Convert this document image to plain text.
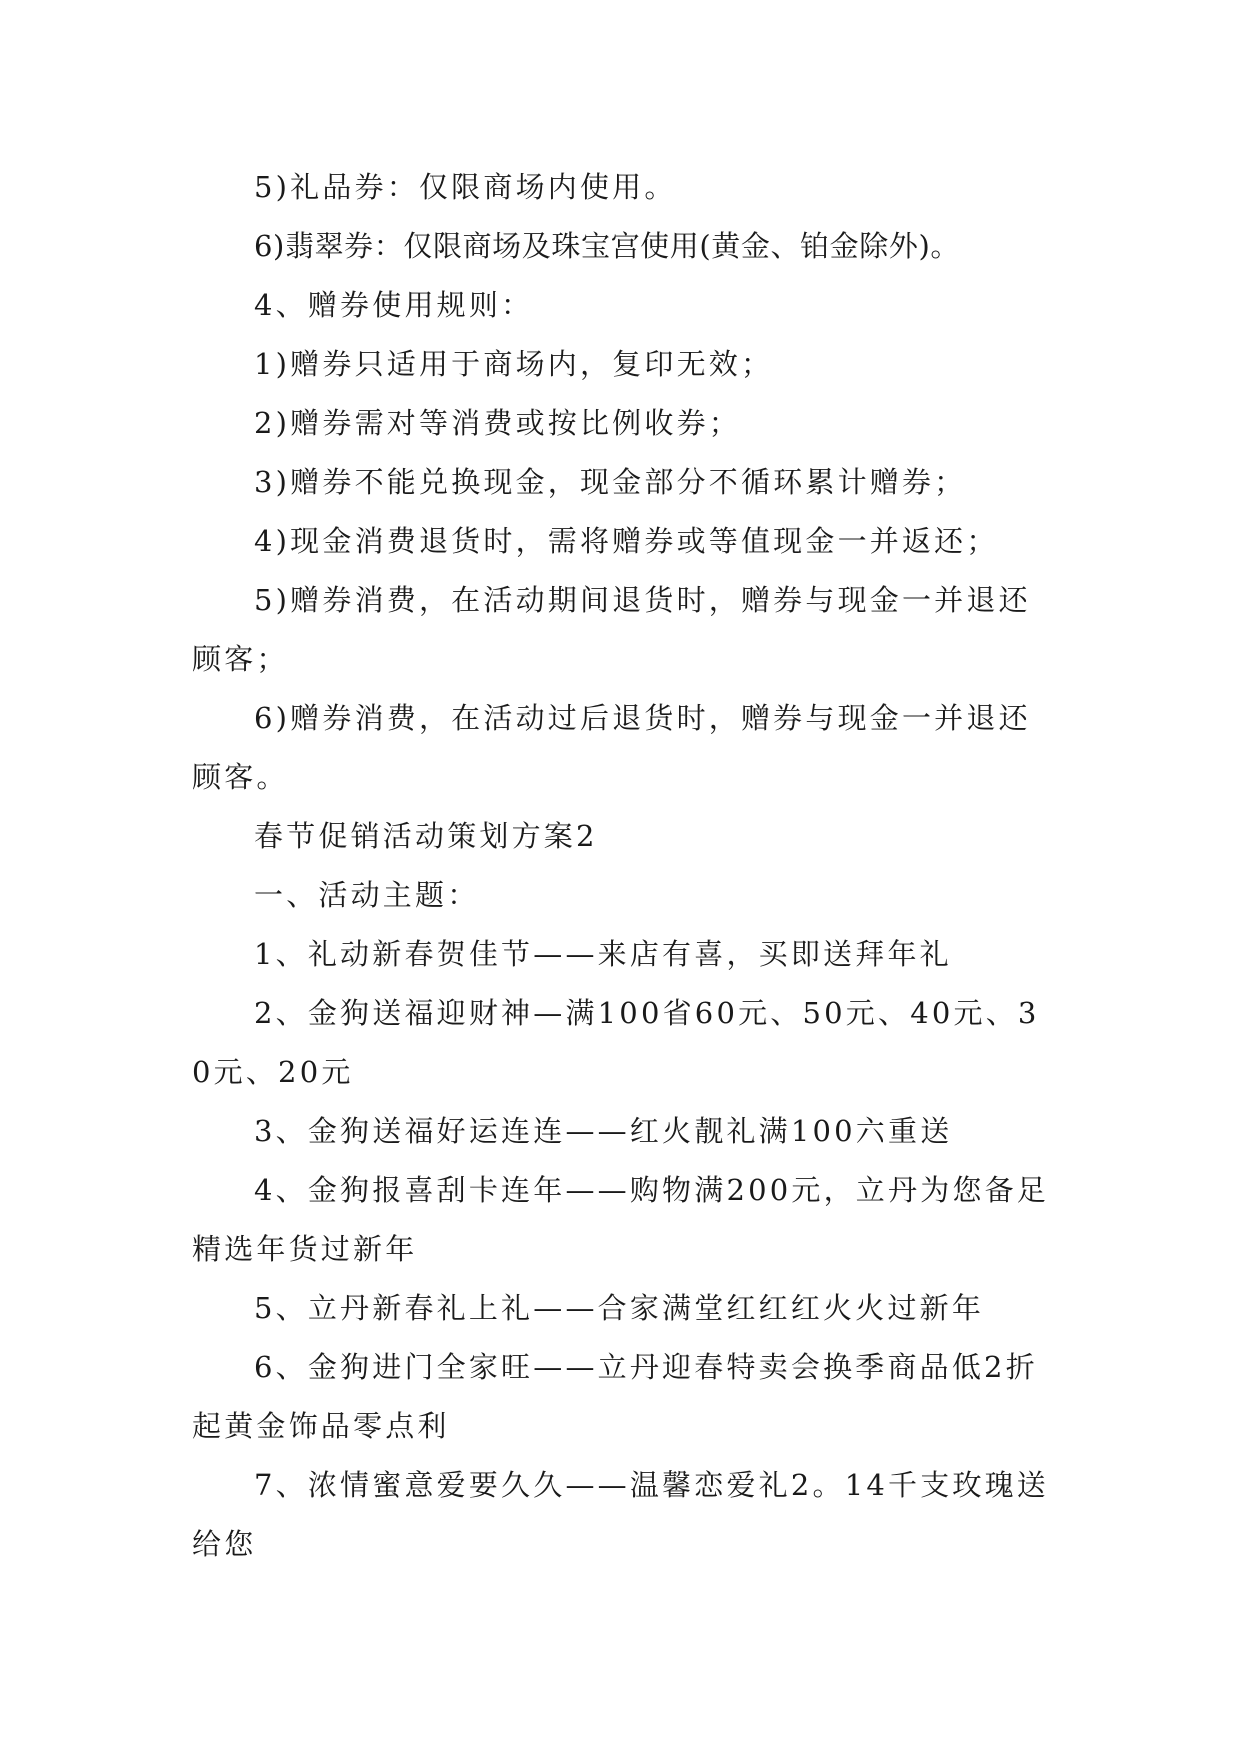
5)礼品券：仅限商场内使用。

6)翡翠券：仅限商场及珠宝宫使用(黄金、铂金除外)。

4、赠券使用规则：

1)赠券只适用于商场内，复印无效；

2)赠券需对等消费或按比例收券；

3)赠券不能兑换现金，现金部分不循环累计赠券；

4)现金消费退货时，需将赠券或等值现金一并返还；

5)赠券消费，在活动期间退货时，赠券与现金一并退还顾客；

6)赠券消费，在活动过后退货时，赠券与现金一并退还顾客。

春节促销活动策划方案2

一、活动主题：

1、礼动新春贺佳节——来店有喜，买即送拜年礼

2、金狗送福迎财神—满100省60元、50元、40元、30元、20元

3、金狗送福好运连连——红火靓礼满100六重送

4、金狗报喜刮卡连年——购物满200元，立丹为您备足精选年货过新年

5、立丹新春礼上礼——合家满堂红红红火火过新年

6、金狗进门全家旺——立丹迎春特卖会换季商品低2折起黄金饰品零点利

7、浓情蜜意爱要久久——温馨恋爱礼2。14千支玫瑰送给您
